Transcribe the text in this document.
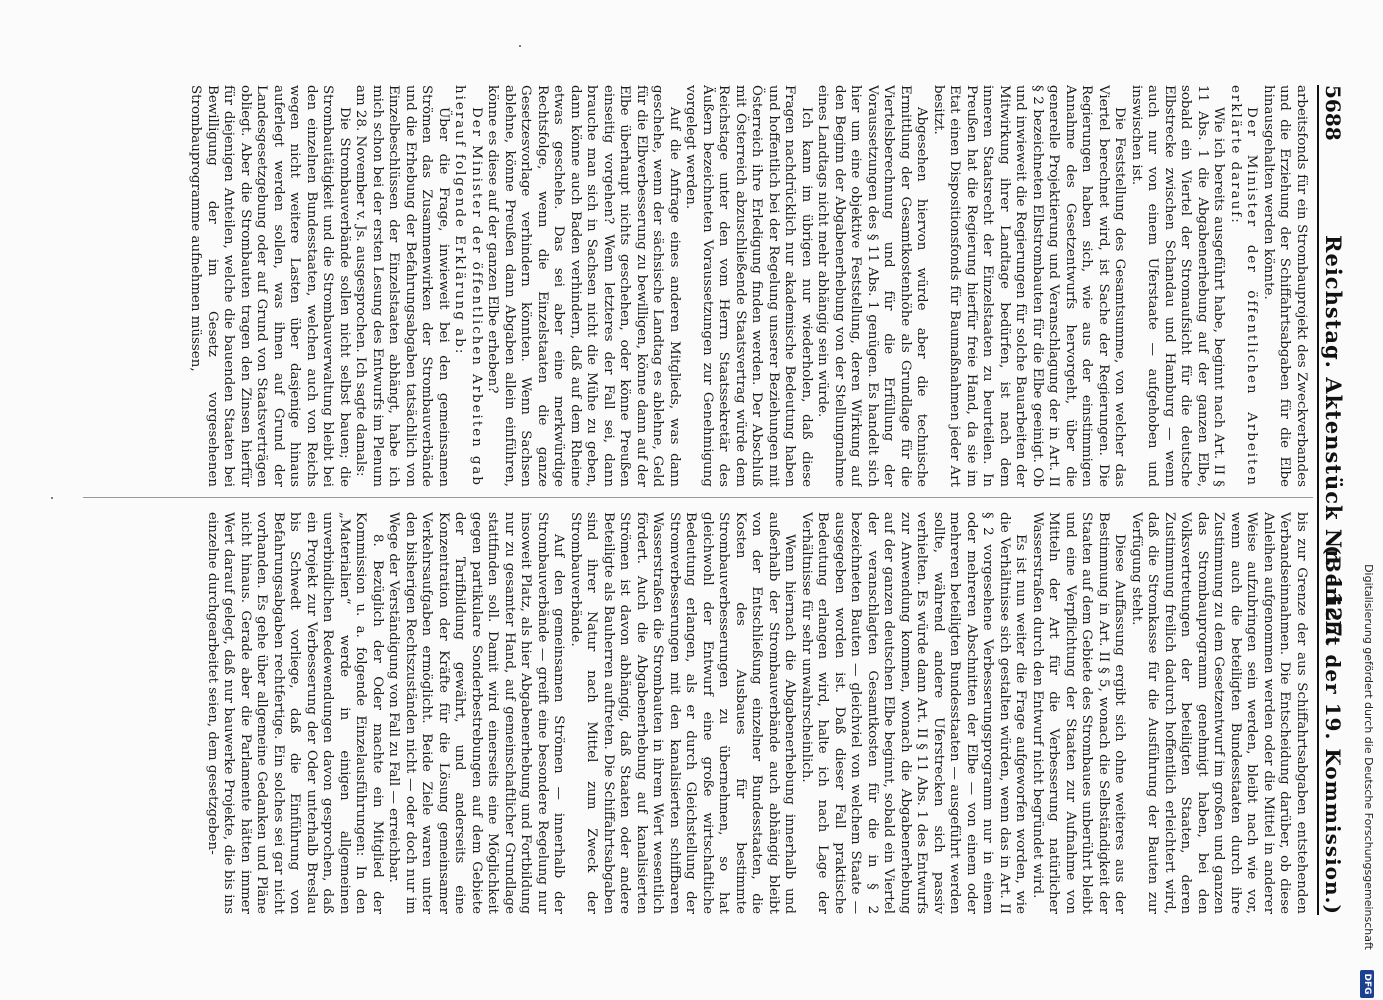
Digitalisierung gefördert durch die Deutsche Forschungsgemeinschaft
DFG
5688
Reichstag. Aktenstück Nr. 1127.
(Bericht der 19. Kommission.)

arbeitsfonds für ein Strombauprojekt des Zweckverbandes und die Erziehung der Schiffahrtsabgaben für die Elbe hinausgehalten werden könnte.

Der Minister der öffentlichen Arbeiten erklärte darauf:

Wie ich bereits ausgeführt habe, beginnt nach Art. II § 11 Abs. 1 die Abgabenerhebung auf der ganzen Elbe, sobald ein Viertel der Stromaufsicht für die deutsche Elbstrecke zwischen Schandau und Hamburg — wenn auch nur von einem Uferstaate — aufgehoben und inswischen ist.

Die Feststellung des Gesamtsumme, von welcher das Viertel berechnet wird, ist Sache der Regierungen. Die Regierungen haben sich, wie aus der einstimmigen Annahme des Gesetzentwurfs hervorgeht, über die generelle Projektierung und Veranschlagung der in Art. II § 2 bezeichneten Elbstrombauten für die Elbe geeinigt. Ob und inwieweit die Regierungen für solche Bauarbeiten der Mitwirkung ihrer Landtage bedürfen, ist nach dem inneren Staatsrecht der Einzelstaaten zu beurteilen. In Preußen hat die Regierung hierfür freie Hand, da sie im Etat einen Dispositionsfonds für Baumaßnahmen jeder Art besitzt.

Abgesehen hiervon würde aber die technische Ermittlung der Gesamtkostenhöhe als Grundlage für die Viertelsberechnung und für die Erfüllung der Voraussetzungen des § 11 Abs. 1 genügen. Es handelt sich hier um eine objektive Feststellung, deren Wirkung auf den Beginn der Abgabenerhebung von der Stellungnahme eines Landtags nicht mehr abhängig sein würde.

Ich kann im übrigen nur wiederholen, daß diese Fragen nachdrücklich nur akademische Bedeutung haben und hoffentlich bei der Regelung unserer Beziehungen mit Österreich ihre Erledigung finden werden. Der Abschluß mit Österreich abzuschließende Staatsvertrag würde dem Reichstage unter den vom Herrn Staatssekretär des Äußern bezeichneten Voraussetzungen zur Genehmigung vorgelegt werden.

Auf die Anfrage eines anderen Mitglieds, was dann geschehe, wenn der sächsische Landtag es ablehne, Geld für die Elbverbesserung zu bewilligen, könne dann auf der Elbe überhaupt nichts geschehen, oder könne Preußen einseitig vorgehen? Wenn letzteres der Fall sei, dann brauche man sich in Sachsen nicht die Mühe zu geben, dann könne auch Baden verhindern, daß auf dem Rheine etwas geschehe. Das sei aber eine merkwürdige Rechtsfolge, wenn die Einzelstaaten die ganze Gesetzesvorlage verhindern könnten. Wenn Sachsen ablehne, könne Preußen dann Abgaben allein einführen, könne es diese auf der ganzen Elbe erheben?

Der Minister der öffentlichen Arbeiten gab hierauf folgende Erklärung ab:

Über die Frage, inwieweit bei den gemeinsamen Strömen das Zusammenwirken der Strombauverbände und die Erhebung der Befahrungsabgaben tatsächlich von Einzelbeschlüssen der Einzelstaaten abhängt, habe ich mich schon bei der ersten Lesung des Entwurfs im Plenum am 28. November v. Js. ausgesprochen. Ich sagte damals:

Die Strombauverbände sollen nicht selbst bauen; die Strombautätigkeit und die Strombauverwaltung bleibt bei den einzelnen Bundesstaaten, welchen auch von Reichs wegen nicht weitere Lasten über dasjenige hinaus auferlegt werden sollen, was ihnen auf Grund der Landesgesetzgebung oder auf Grund von Staatsverträgen obliegt. Aber die Strombauten tragen den Zinsen hierfür für diejenigen Anteilen, welche die bauenden Staaten bei Bewilligung der im Gesetz vorgesehenen Strombauprogramme aufnehmen müssen,

bis zur Grenze der aus Schiffahrtsabgaben entstehenden Verbandseinnahmen. Die Entscheidung darüber, ob diese Anleihen aufgenommen werden oder die Mittel in anderer Weise aufzubringen sein werden, bleibt nach wie vor, wenn auch die beteiligten Bundesstaaten durch ihre Zustimmung zu dem Gesetzentwurf im großen und ganzen das Strombauprogramm genehmigt haben, bei den Volksvertretungen der beteiligten Staaten, deren Zustimmung freilich dadurch hoffentlich erleichtert wird, daß die Stromkasse für die Ausführung der Bauten zur Verfügung steht.

Diese Auffassung ergibt sich ohne weiteres aus der Bestimmung in Art. II § 5, wonach die Selbständigkeit der Staaten auf dem Gebiete des Strombaues unberührt bleibt und eine Verpflichtung der Staaten zur Aufnahme von Mitteln der Art für die Verbesserung natürlicher Wasserstraßen durch den Entwurf nicht begründet wird.

Es ist nun weiter die Frage aufgeworfen worden, wie die Verhältnisse sich gestalten würden, wenn das in Art. II § 2 vorgesehene Verbesserungsprogramm nur in einem oder mehreren Abschnitten der Elbe — von einem oder mehreren beteiligten Bundesstaaten — ausgeführt werden sollte, während andere Uferstrecken sich passiv verhielten. Es würde dann Art. II § 11 Abs. 1 des Entwurfs zur Anwendung kommen, wonach die Abgabenerhebung auf der ganzen deutschen Elbe beginnt, sobald ein Viertel der veranschlagten Gesamtkosten für die in § 2 bezeichneten Bauten — gleichviel von welchem Staate — ausgegeben worden ist. Daß dieser Fall praktische Bedeutung erlangen wird, halte ich nach Lage der Verhältnisse für sehr unwahrscheinlich.

Wenn hiernach die Abgabenerhebung innerhalb und außerhalb der Strombauverbände auch abhängig bleibt von der Entschließung einzelner Bundesstaaten, die Kosten des Ausbaues für bestimmte Strombauverbesserungen zu übernehmen, so hat gleichwohl der Entwurf eine große wirtschaftliche Bedeutung erlangen, als er durch Gleichstellung der Stromverbesserungen mit den kanalisierten schiffbaren Wasserstraßen die Strombauten in ihrem Wert wesentlich fördert. Auch die Abgabenerhebung auf kanalisierten Strömen ist davon abhängig, daß Staaten oder andere Beteiligte als Bauherren auftreten. Die Schiffahrtsabgaben sind ihrer Natur nach Mittel zum Zweck der Strombauverbände.

Auf den gemeinsamen Strömen — innerhalb der Strombauverbände — greift eine besondere Regelung nur insoweit Platz, als hier Abgabenerhebung und Fortbildung nur zu gesamter Hand, auf gemeinschaftlicher Grundlage stattfinden soll. Damit wird einerseits eine Möglichkeit gegen partikulare Sonderbestrebungen auf dem Gebiete der Tarifbildung gewährt, und anderseits eine Konzentration der Kräfte für die Lösung gemeinsamer Verkehrsaufgaben ermöglicht. Beide Ziele waren unter den bisherigen Rechtszuständen nicht — oder doch nur im Wege der Verständigung von Fall zu Fall — erreichbar.

8. Bezüglich der Oder machte ein Mitglied der Kommission u. a. folgende Einzelausführungen: In den „Materialien“ werde in einigen allgemeinen unverbindlichen Redewendungen davon gesprochen, daß ein Projekt zur Verbesserung der Oder unterhalb Breslau bis Schwedt vorliege, daß die Einführung von Befahrungsabgaben rechtfertige. Ein solches sei gar nicht vorhanden. Es gehe über allgemeine Gedanken und Pläne nicht hinaus. Gerade aber die Parlamente hätten immer Wert darauf gelegt, daß nur bauwerke Projekte, die bis ins einzelne durchgearbeitet seien, dem gesetzgeben-
